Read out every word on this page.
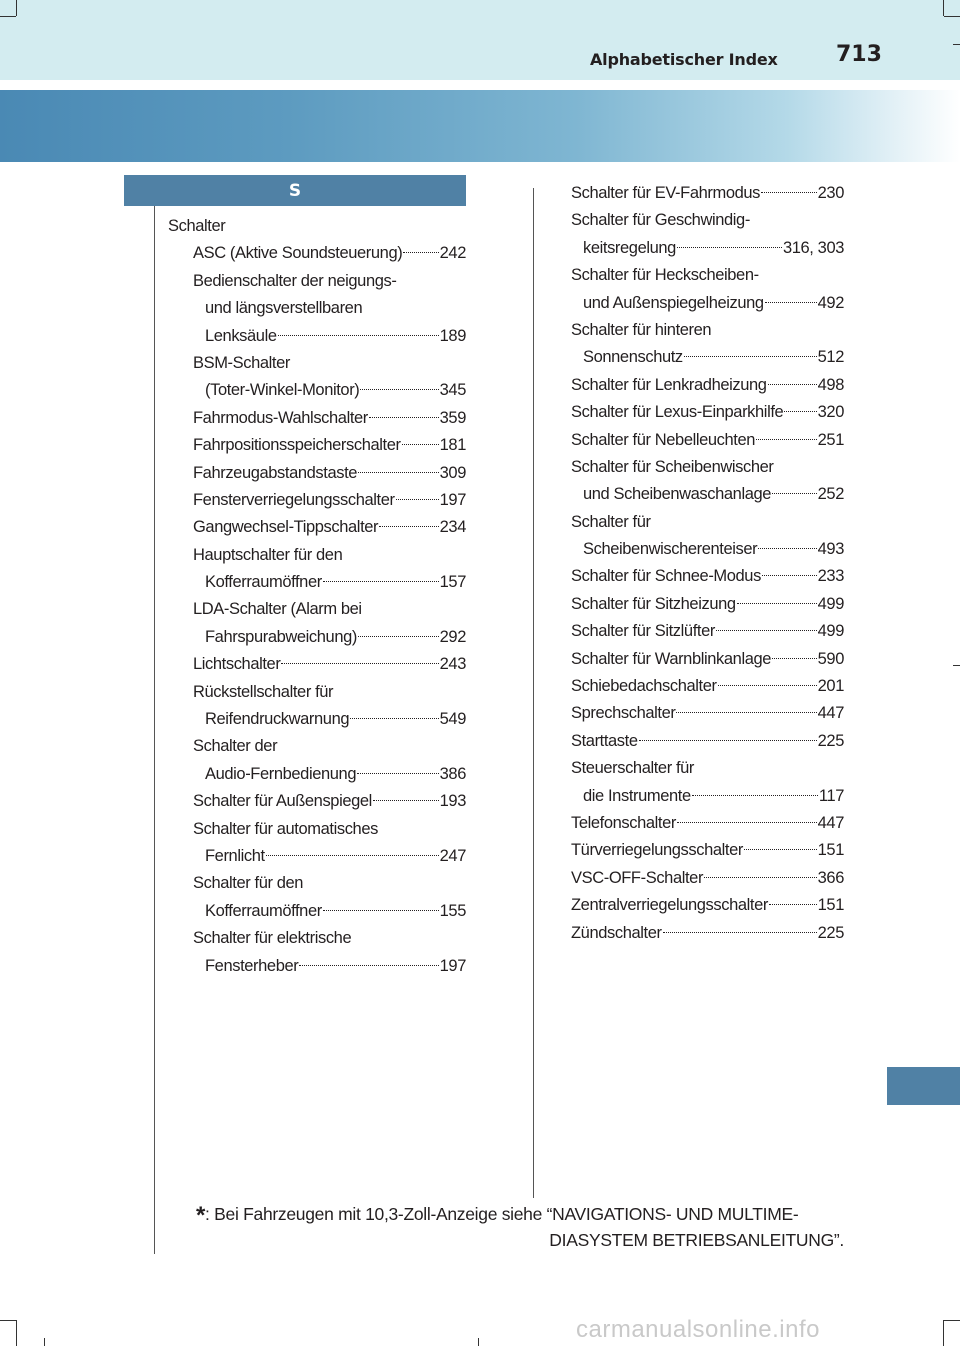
Alphabetischer Index	713
S
Schalter
ASC (Aktive Soundsteuerung) 242
Bedienschalter der neigungs-
und längsverstellbaren
Lenksäule	189
BSM-Schalter
(Toter-Winkel-Monitor)	345
Fahrmodus-Wahlschalter	359
Fahrpositionsspeicherschalter 181
Fahrzeugabstandstaste	309
Fensterverriegelungsschalter	197
Gangwechsel-Tippschalter	234
Hauptschalter für den
Kofferraumöffner	157
LDA-Schalter (Alarm bei
Fahrspurabweichung)	292
Lichtschalter	243
Rückstellschalter für
Reifendruckwarnung	549
Schalter der
Audio-Fernbedienung	386
Schalter für Außenspiegel	193
Schalter für automatisches
Fernlicht	247
Schalter für den
Kofferraumöffner	155
Schalter für elektrische
Fensterheber	197
Schalter für EV-Fahrmodus	230
Schalter für Geschwindig-
keitsregelung	316, 303
Schalter für Heckscheiben-
und Außenspiegelheizung	492
Schalter für hinteren
Sonnenschutz	512
Schalter für Lenkradheizung	498
Schalter für Lexus-Einparkhilfe 320
Schalter für Nebelleuchten	251
Schalter für Scheibenwischer
und Scheibenwaschanlage	252
Schalter für
Scheibenwischerenteiser	493
Schalter für Schnee-Modus	233
Schalter für Sitzheizung	499
Schalter für Sitzlüfter	499
Schalter für Warnblinkanlage	590
Schiebedachschalter	201
Sprechschalter	447
Starttaste	225
Steuerschalter für
die Instrumente	117
Telefonschalter	447
Türverriegelungsschalter	151
VSC-OFF-Schalter	366
Zentralverriegelungsschalter	151
Zündschalter	225
*: Bei Fahrzeugen mit 10,3-Zoll-Anzeige siehe “NAVIGATIONS- UND MULTIME-
DIASYSTEM BETRIEBSANLEITUNG”.
carmanualsonline.info
